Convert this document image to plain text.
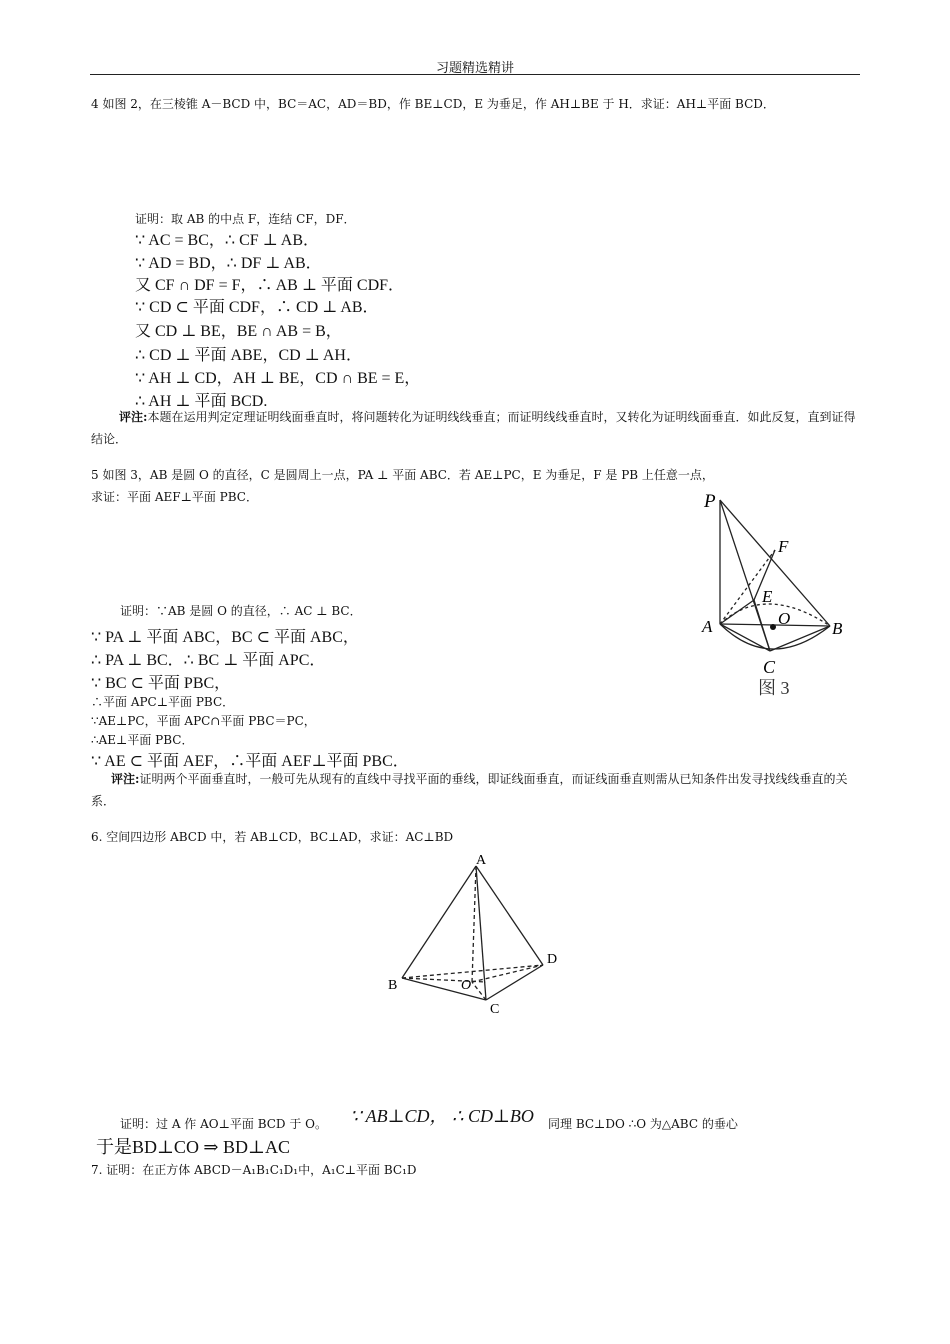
习题精选精讲
4 如图 2，在三棱锥 A－BCD 中，BC＝AC，AD＝BD，作 BE⊥CD，E 为垂足，作 AH⊥BE 于 H．求证：AH⊥平面 BCD．
证明：取 AB 的中点 F，连结 CF，DF．
∵ AC = BC，∴ CF ⊥ AB．
∵ AD = BD，∴ DF ⊥ AB．
又 CF ∩ DF = F，∴ AB ⊥ 平面 CDF．
∵ CD ⊂ 平面 CDF，∴ CD ⊥ AB．
又 CD ⊥ BE，BE ∩ AB = B，
∴ CD ⊥ 平面 ABE，CD ⊥ AH．
∵ AH ⊥ CD，AH ⊥ BE，CD ∩ BE = E，
∴ AH ⊥ 平面 BCD.
评注:本题在运用判定定理证明线面垂直时，将问题转化为证明线线垂直；而证明线线垂直时，又转化为证明线面垂直．如此反复，直到证得结论．
5 如图 3，AB 是圆 O 的直径，C 是圆周上一点，PA ⊥ 平面 ABC．若 AE⊥PC，E 为垂足，F 是 PB 上任意一点，
求证：平面 AEF⊥平面 PBC．	P
F
E
A	O
B
C
图 3
证明：∵AB 是圆 O 的直径，∴ AC ⊥ BC．
∵ PA ⊥ 平面 ABC，BC ⊂ 平面 ABC，
∴ PA ⊥ BC．∴ BC ⊥ 平面 APC．
∵ BC ⊂ 平面 PBC，
∴平面 APC⊥平面 PBC．
∵AE⊥PC，平面 APC∩平面 PBC＝PC，
∴AE⊥平面 PBC．
∵ AE ⊂ 平面 AEF，∴平面 AEF⊥平面 PBC．
评注:证明两个平面垂直时，一般可先从现有的直线中寻找平面的垂线，即证线面垂直，而证线面垂直则需从已知条件出发寻找线线垂直的关系．
6. 空间四边形 ABCD 中，若 AB⊥CD，BC⊥AD，求证：AC⊥BD
A
B
C
D
O
证明：过 A 作 AO⊥平面 BCD 于 O。 ∵ AB⊥CD， ∴ CD⊥BO 同理 BC⊥DO ∴O 为△ABC 的垂心
于是BD⊥CO ⇒ BD⊥AC
7. 证明：在正方体 ABCD－A₁B₁C₁D₁中，A₁C⊥平面 BC₁D
